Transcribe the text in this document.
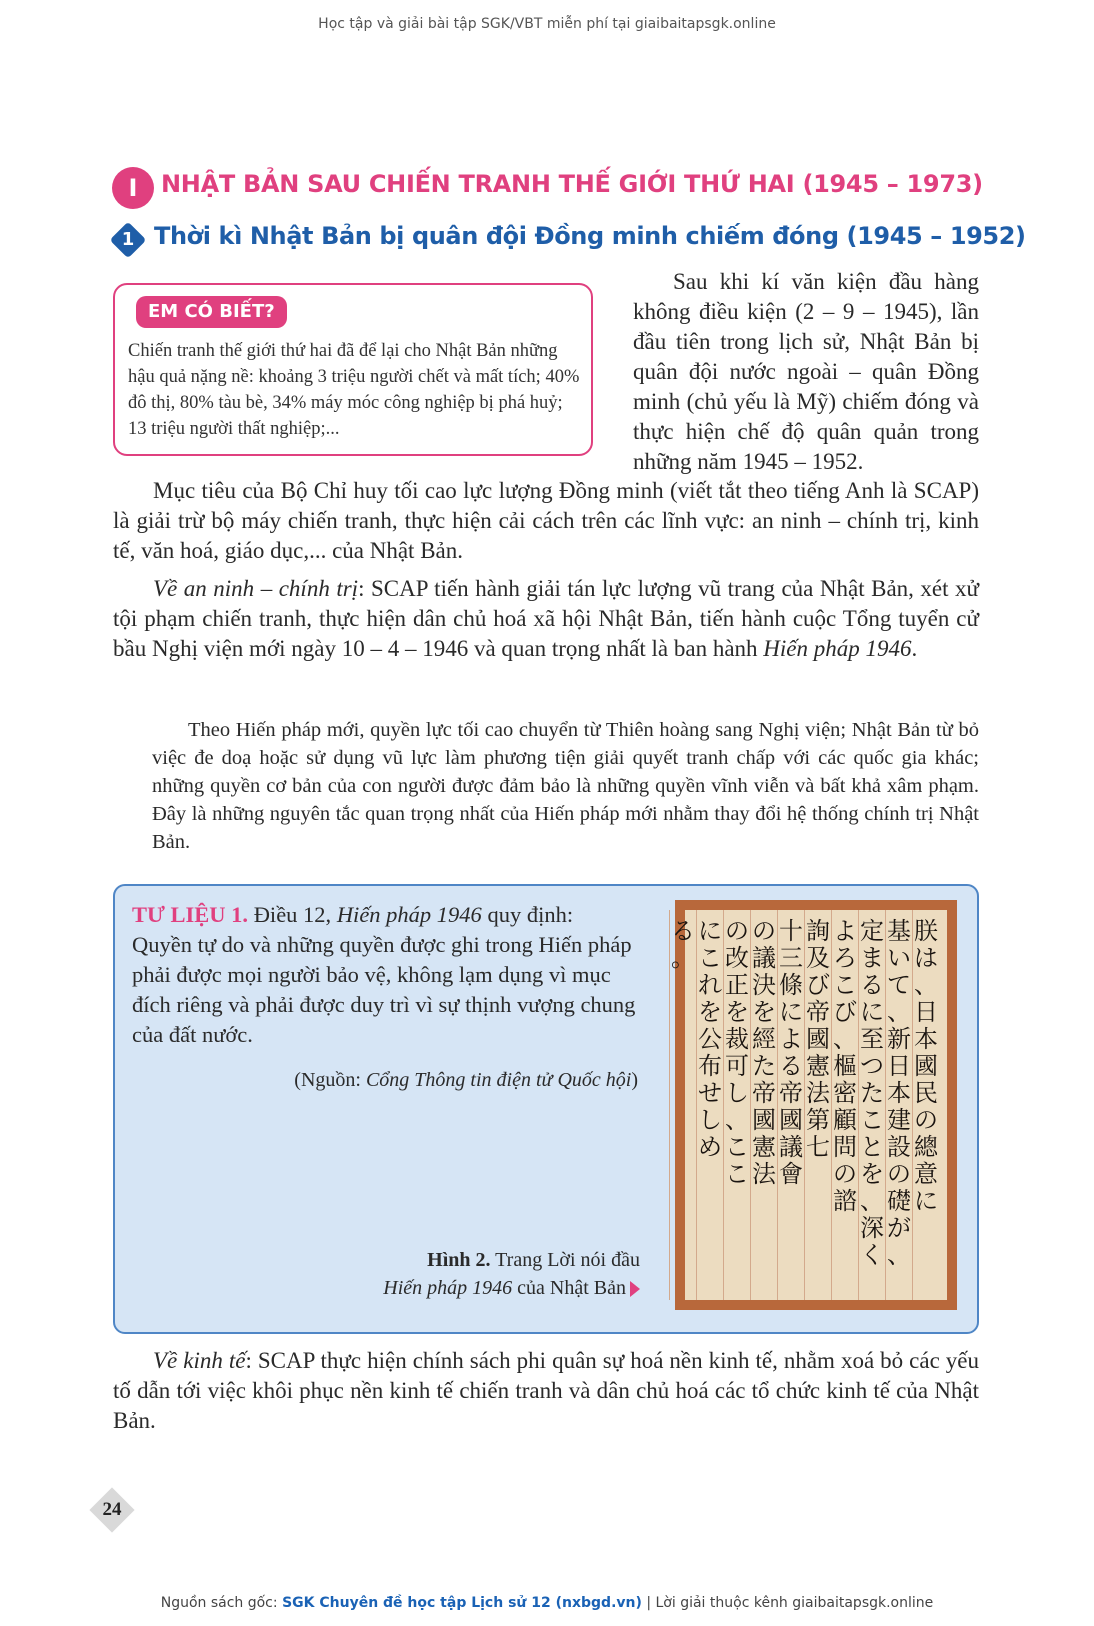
Học tập và giải bài tập SGK/VBT miễn phí tại giaibaitapsgk.online
I NHẬT BẢN SAU CHIẾN TRANH THẾ GIỚI THỨ HAI (1945 – 1973)
1 Thời kì Nhật Bản bị quân đội Đồng minh chiếm đóng (1945 – 1952)
EM CÓ BIẾT?
Chiến tranh thế giới thứ hai đã để lại cho Nhật Bản những hậu quả nặng nề: khoảng 3 triệu người chết và mất tích; 40% đô thị, 80% tàu bè, 34% máy móc công nghiệp bị phá huỷ; 13 triệu người thất nghiệp;...
Sau khi kí văn kiện đầu hàng không điều kiện (2 – 9 – 1945), lần đầu tiên trong lịch sử, Nhật Bản bị quân đội nước ngoài – quân Đồng minh (chủ yếu là Mỹ) chiếm đóng và thực hiện chế độ quân quản trong những năm 1945 – 1952.
Mục tiêu của Bộ Chỉ huy tối cao lực lượng Đồng minh (viết tắt theo tiếng Anh là SCAP) là giải trừ bộ máy chiến tranh, thực hiện cải cách trên các lĩnh vực: an ninh – chính trị, kinh tế, văn hoá, giáo dục,... của Nhật Bản.
Về an ninh – chính trị: SCAP tiến hành giải tán lực lượng vũ trang của Nhật Bản, xét xử tội phạm chiến tranh, thực hiện dân chủ hoá xã hội Nhật Bản, tiến hành cuộc Tổng tuyển cử bầu Nghị viện mới ngày 10 – 4 – 1946 và quan trọng nhất là ban hành Hiến pháp 1946.
Theo Hiến pháp mới, quyền lực tối cao chuyển từ Thiên hoàng sang Nghị viện; Nhật Bản từ bỏ việc đe doạ hoặc sử dụng vũ lực làm phương tiện giải quyết tranh chấp với các quốc gia khác; những quyền cơ bản của con người được đảm bảo là những quyền vĩnh viễn và bất khả xâm phạm. Đây là những nguyên tắc quan trọng nhất của Hiến pháp mới nhằm thay đổi hệ thống chính trị Nhật Bản.
TƯ LIỆU 1. Điều 12, Hiến pháp 1946 quy định:
Quyền tự do và những quyền được ghi trong Hiến pháp phải được mọi người bảo vệ, không lạm dụng vì mục đích riêng và phải được duy trì vì sự thịnh vượng chung của đất nước.
(Nguồn: Cổng Thông tin điện tử Quốc hội)
Hình 2. Trang Lời nói đầu
Hiến pháp 1946 của Nhật Bản
朕
は
、
日
本
國
民
の
總
意
に
基
い
て
、
新
日
本
建
設
の
礎
が
、
定
ま
る
に
至
つ
た
こ
と
を
、
深
く
よ
ろ
こ
び
、
樞
密
顧
問
の
諮
詢
及
び
帝
國
憲
法
第
七
十
三
條
に
よ
る
帝
國
議
會
の
議
決
を
經
た
帝
國
憲
法
の
改
正
を
裁
可
し
、
こ
こ
に
こ
れ
を
公
布
せ
し
め
る
。
Về kinh tế: SCAP thực hiện chính sách phi quân sự hoá nền kinh tế, nhằm xoá bỏ các yếu tố dẫn tới việc khôi phục nền kinh tế chiến tranh và dân chủ hoá các tổ chức kinh tế của Nhật Bản.
24
Nguồn sách gốc: SGK Chuyên đề học tập Lịch sử 12 (nxbgd.vn) | Lời giải thuộc kênh giaibaitapsgk.online
